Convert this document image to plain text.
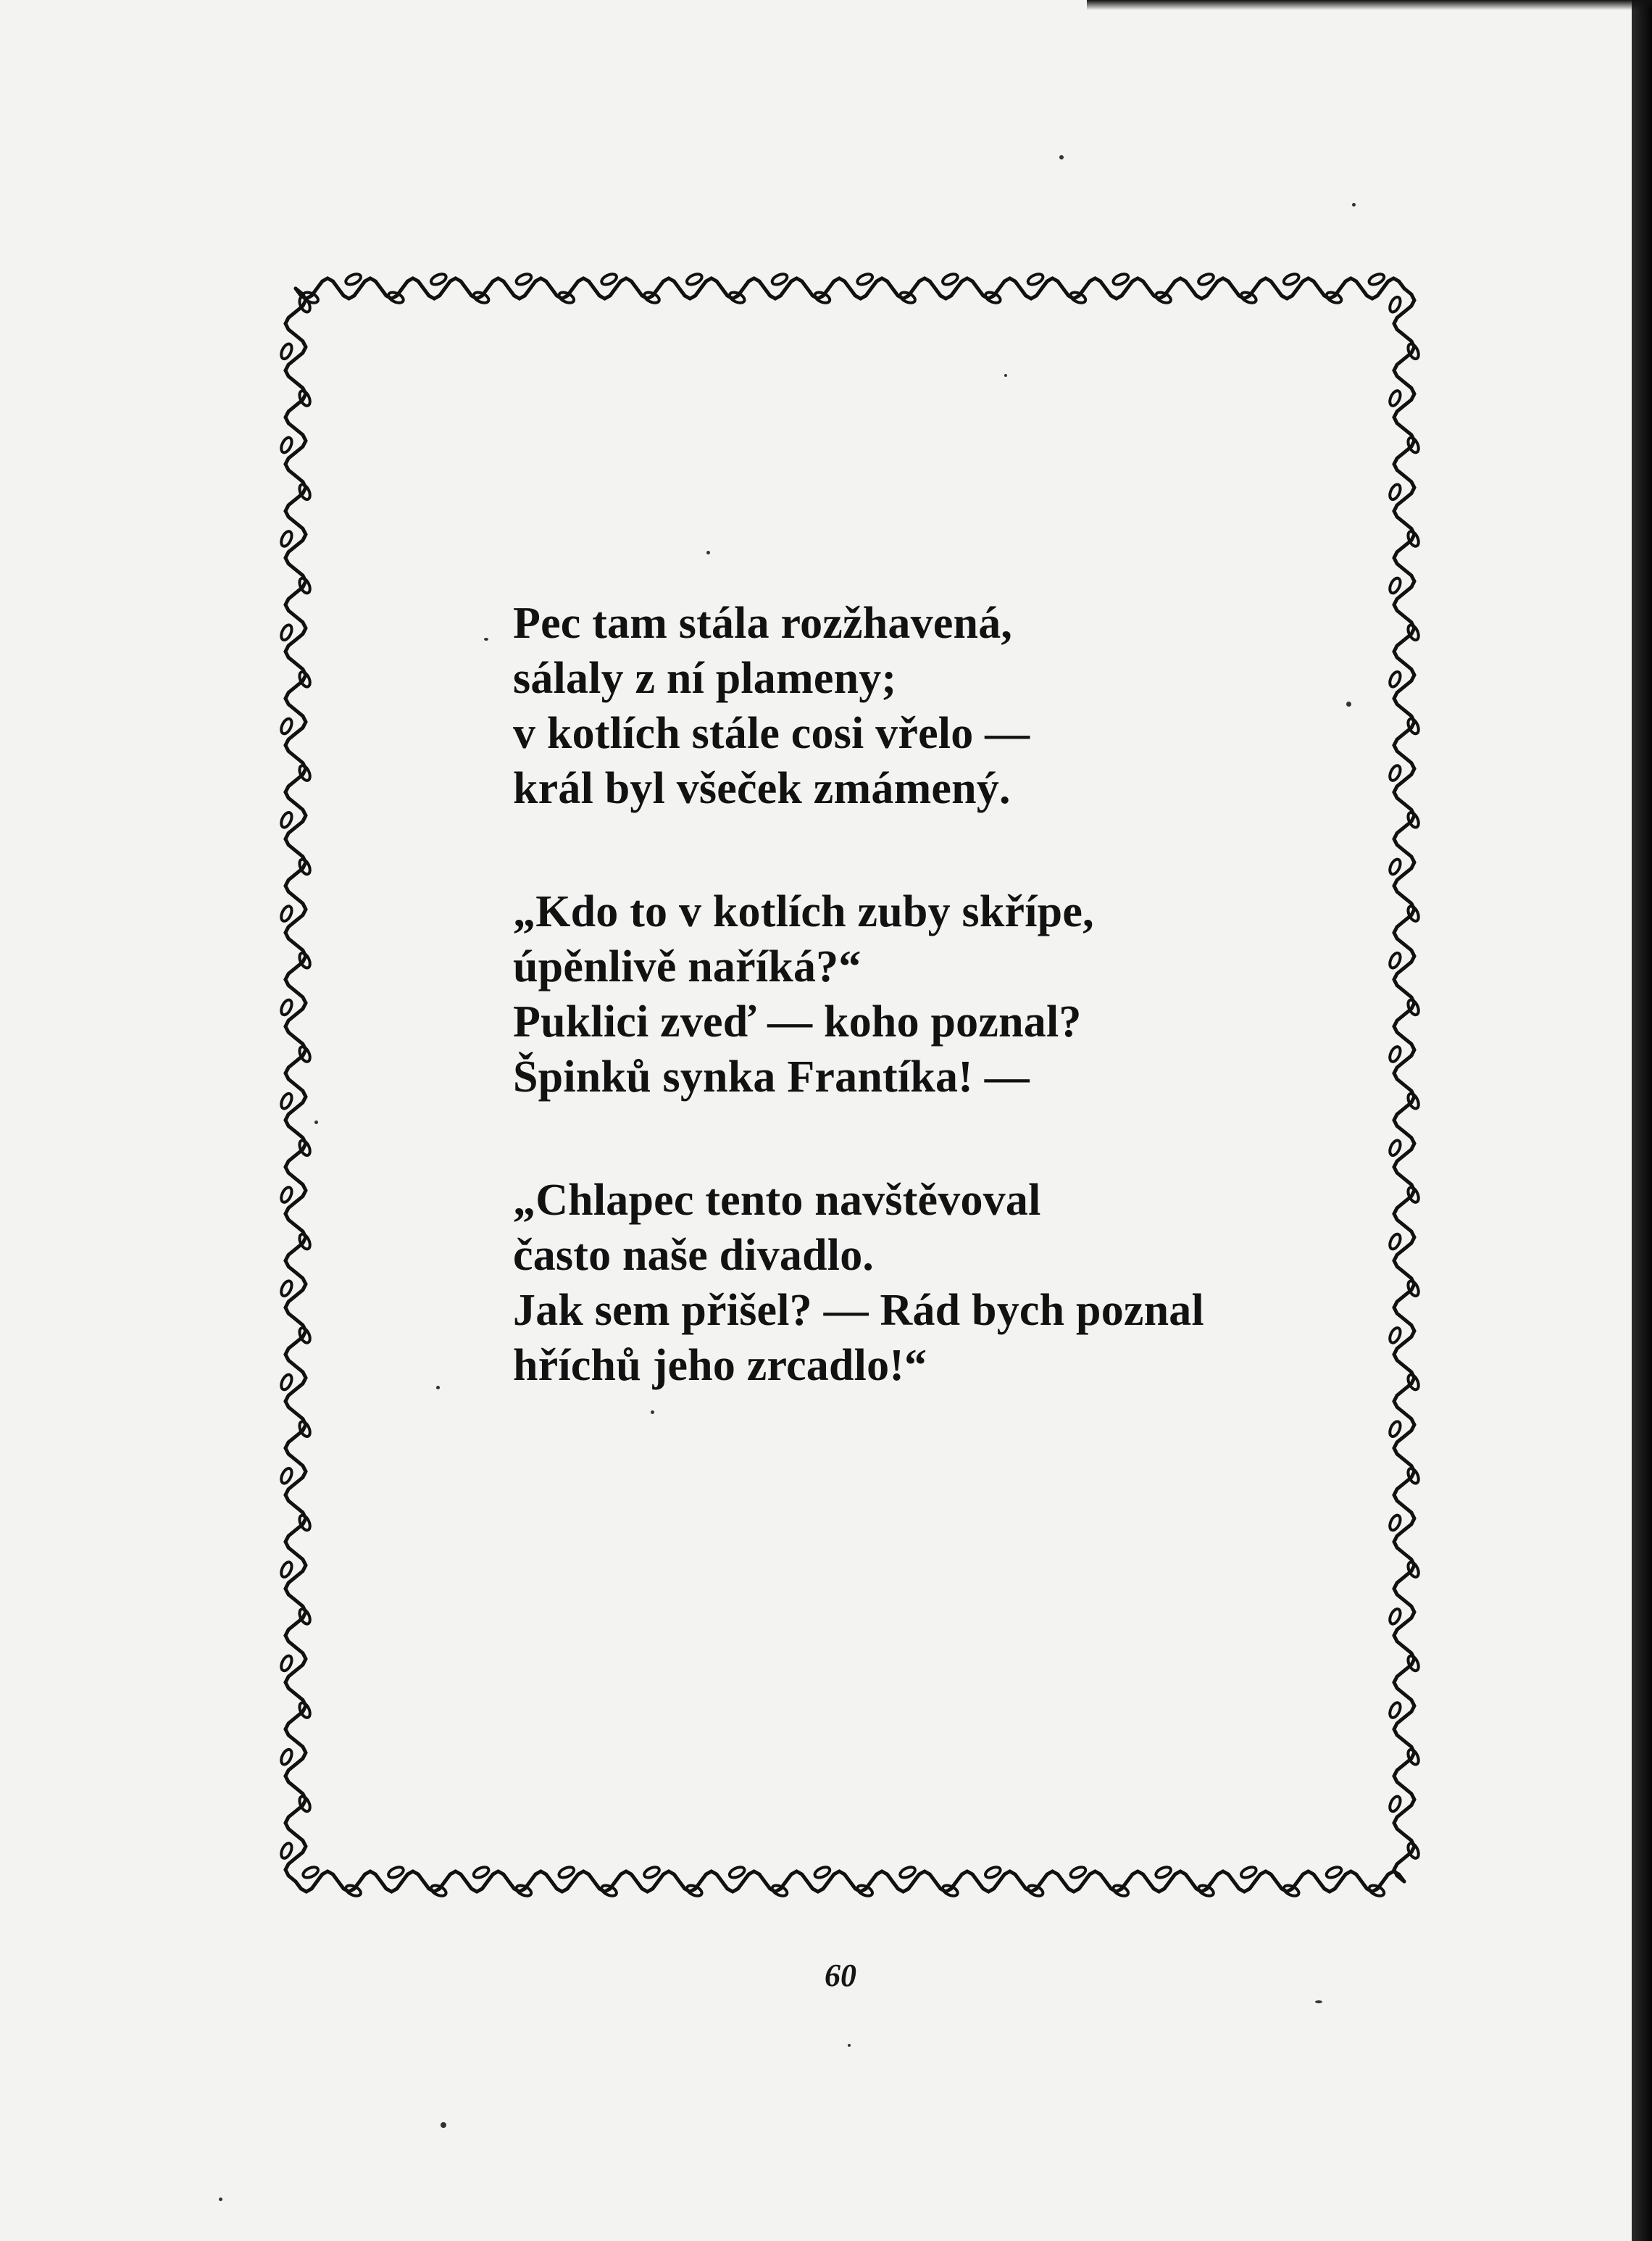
Pec tam stála rozžhavená,
sálaly z ní plameny;
v kotlích stále cosi vřelo —
král byl všeček zmámený.
„Kdo to v kotlích zuby skřípe,
úpěnlivě naříká?“
Puklici zveď — koho poznal?
Špinků synka Frantíka! —
„Chlapec tento navštěvoval
často naše divadlo.
Jak sem přišel? — Rád bych poznal
hříchů jeho zrcadlo!“
60
